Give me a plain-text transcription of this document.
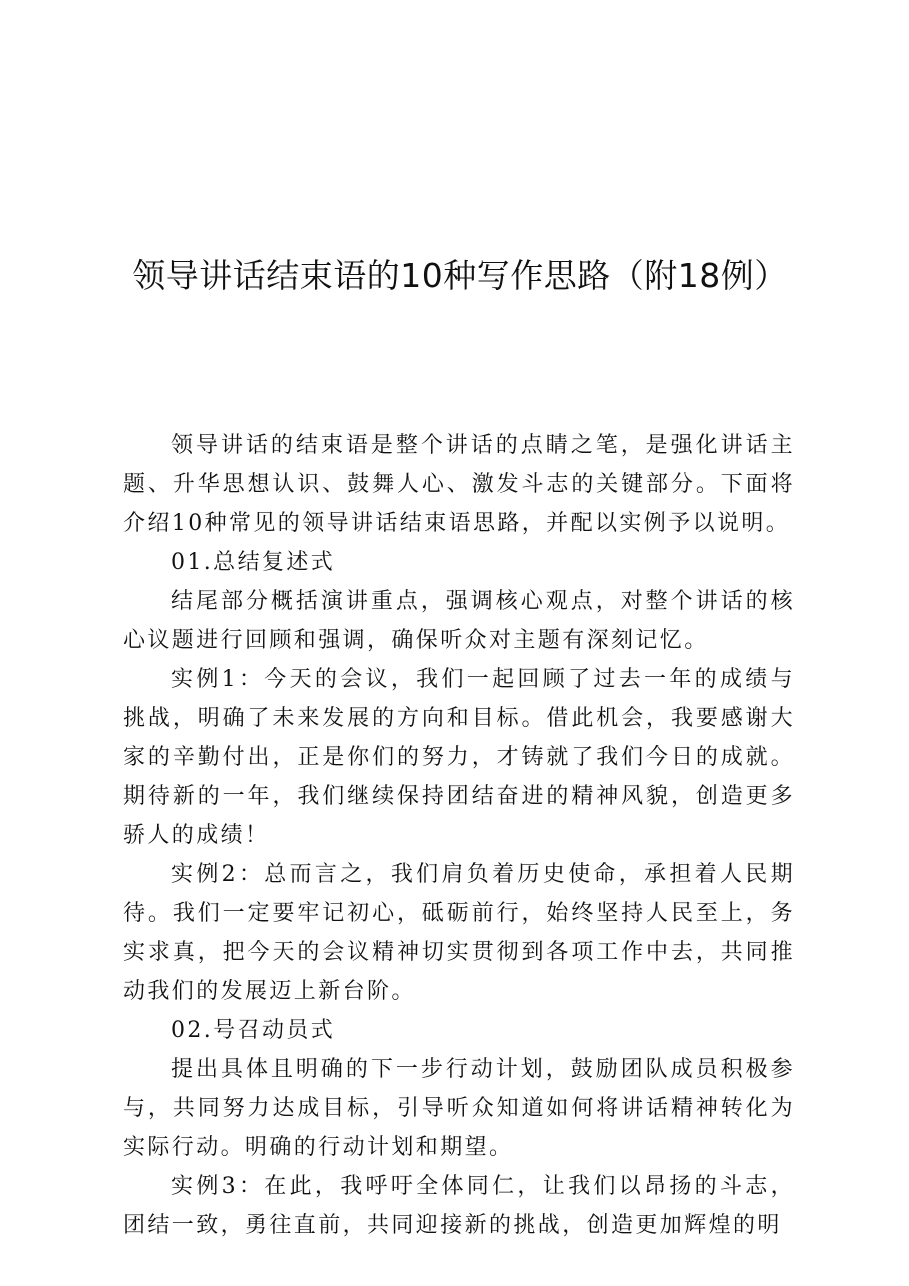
领导讲话结束语的10种写作思路（附18例）

领导讲话的结束语是整个讲话的点睛之笔，是强化讲话主题、升华思想认识、鼓舞人心、激发斗志的关键部分。下面将介绍10种常见的领导讲话结束语思路，并配以实例予以说明。

01.总结复述式

结尾部分概括演讲重点，强调核心观点，对整个讲话的核心议题进行回顾和强调，确保听众对主题有深刻记忆。

实例1：今天的会议，我们一起回顾了过去一年的成绩与挑战，明确了未来发展的方向和目标。借此机会，我要感谢大家的辛勤付出，正是你们的努力，才铸就了我们今日的成就。期待新的一年，我们继续保持团结奋进的精神风貌，创造更多骄人的成绩！

实例2：总而言之，我们肩负着历史使命，承担着人民期待。我们一定要牢记初心，砥砺前行，始终坚持人民至上，务实求真，把今天的会议精神切实贯彻到各项工作中去，共同推动我们的发展迈上新台阶。

02.号召动员式

提出具体且明确的下一步行动计划，鼓励团队成员积极参与，共同努力达成目标，引导听众知道如何将讲话精神转化为实际行动。明确的行动计划和期望。

实例3：在此，我呼吁全体同仁，让我们以昂扬的斗志，团结一致，勇往直前，共同迎接新的挑战，创造更加辉煌的明
